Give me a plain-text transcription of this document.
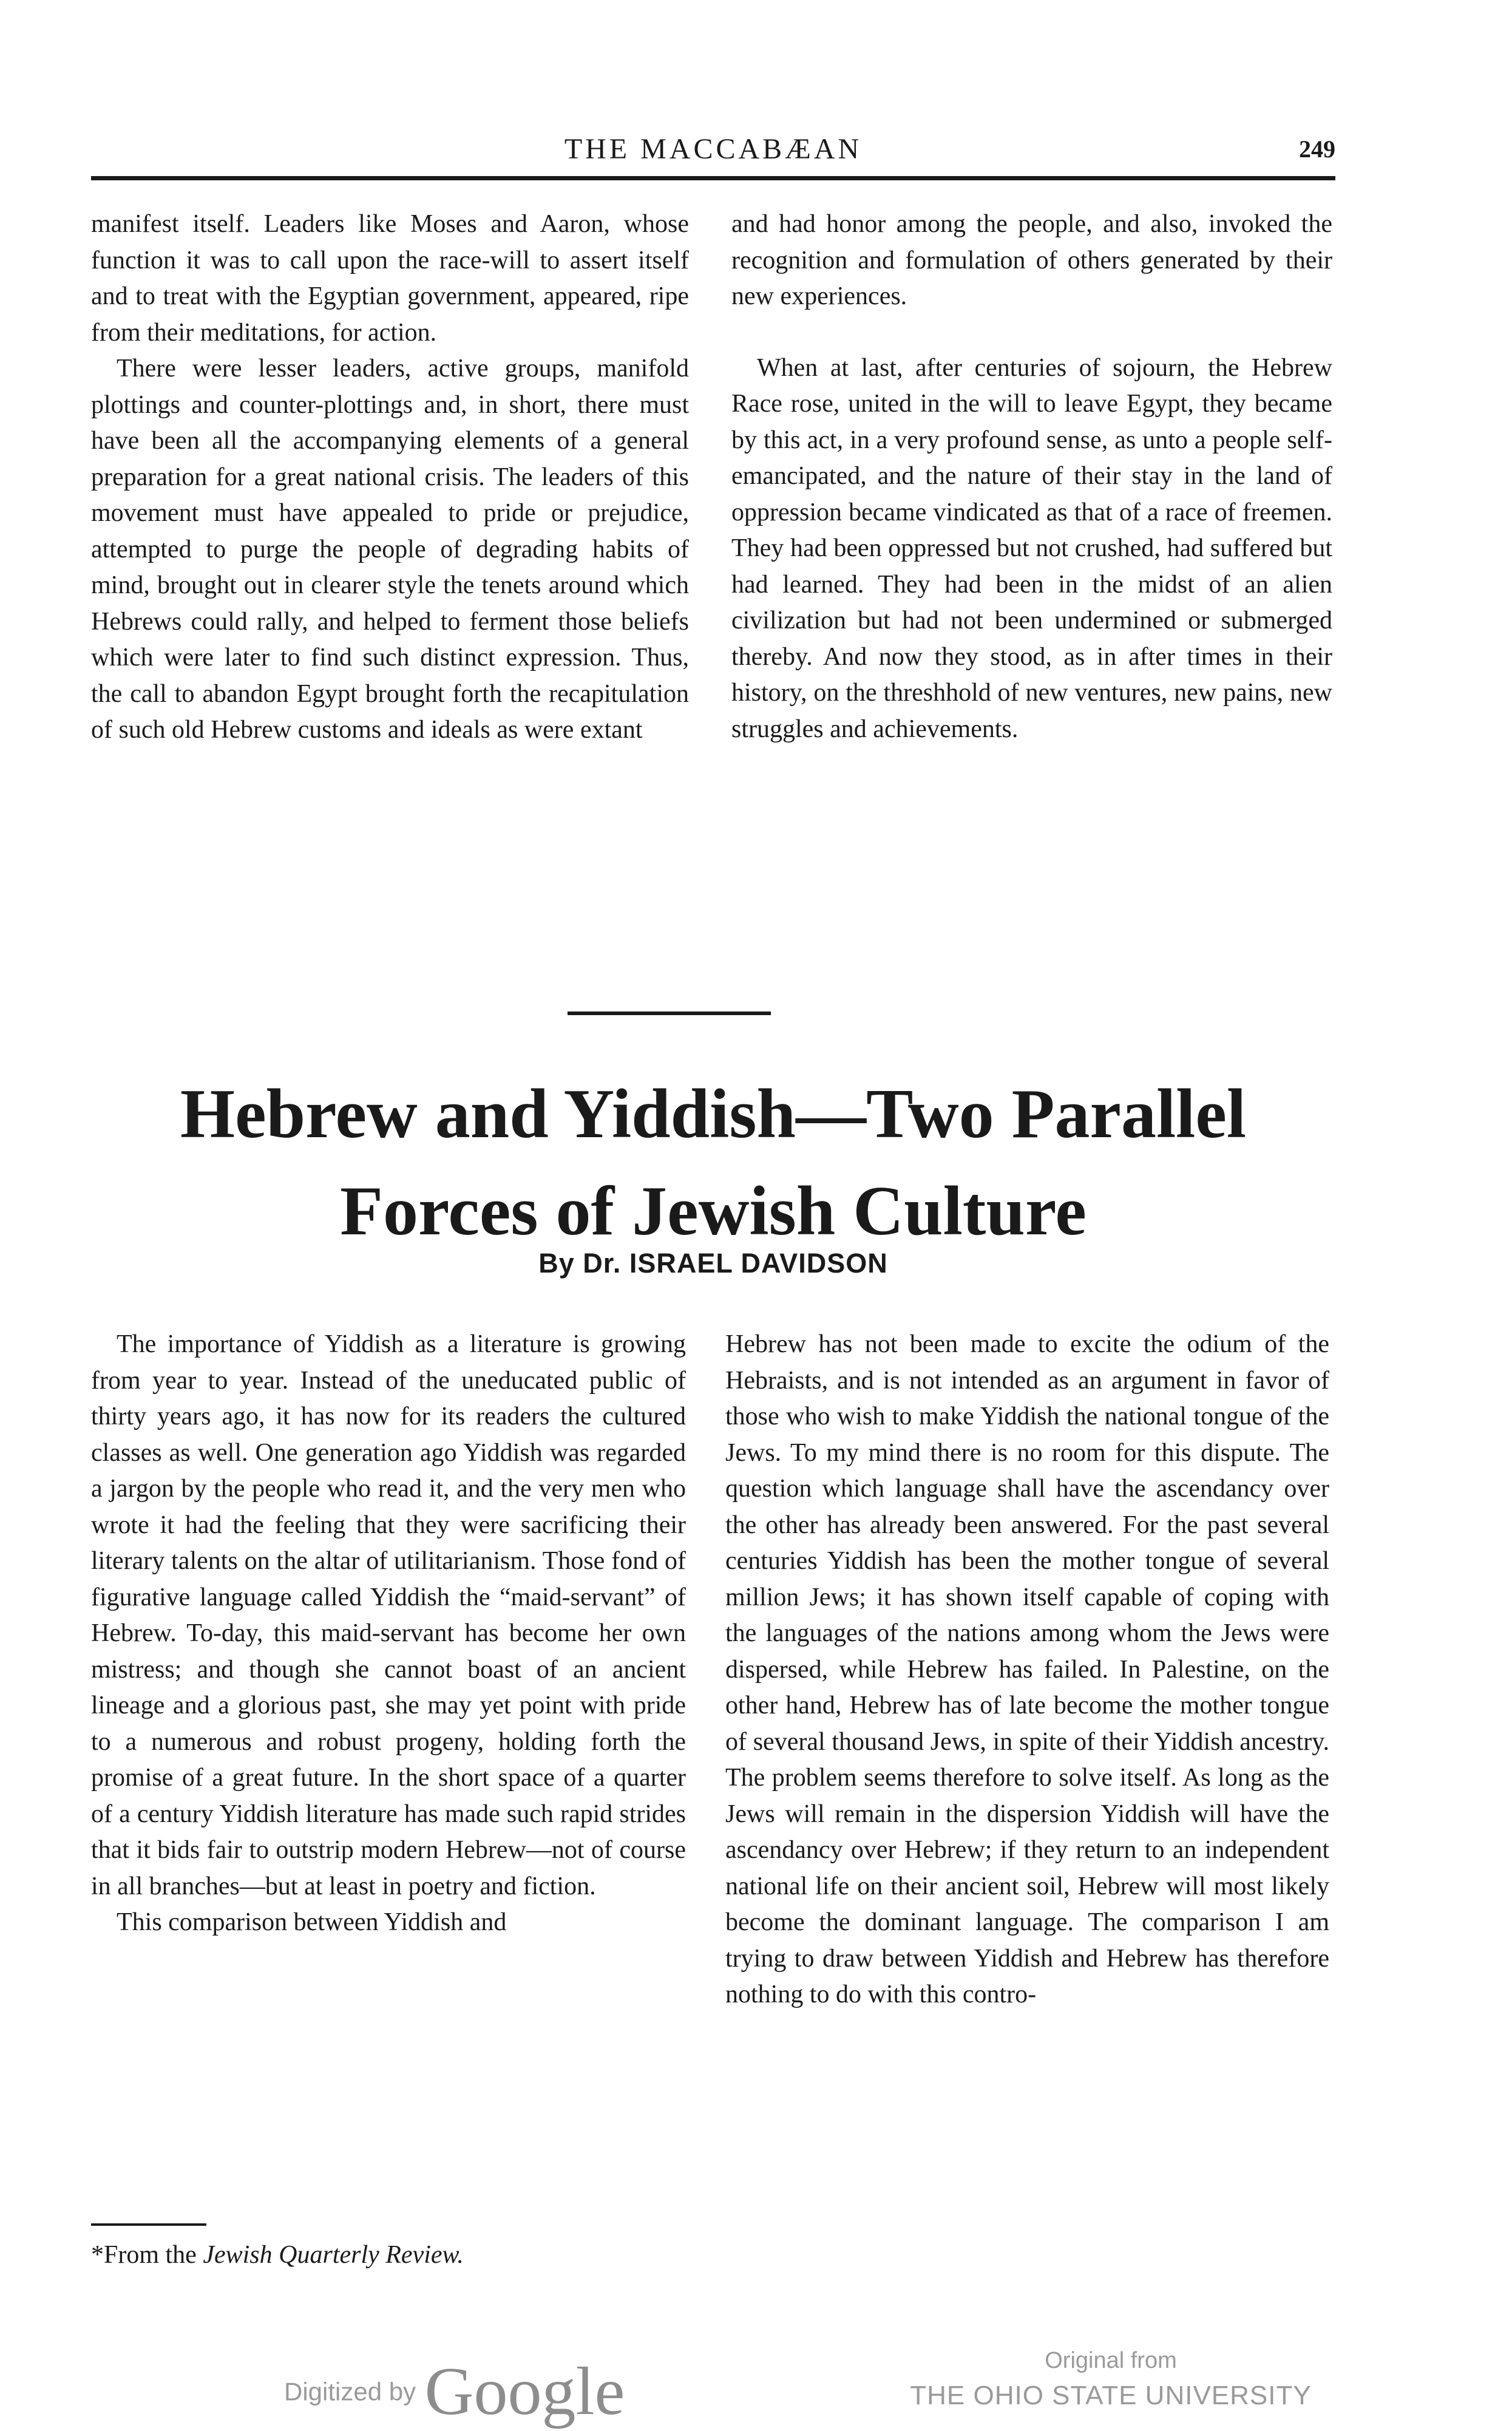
THE MACCABÆAN	249

manifest itself. Leaders like Moses and Aaron, whose function it was to call upon the race-will to assert itself and to treat with the Egyptian government, appeared, ripe from their meditations, for action.

There were lesser leaders, active groups, manifold plottings and counter-plottings and, in short, there must have been all the accompanying elements of a general preparation for a great national crisis. The leaders of this movement must have appealed to pride or prejudice, attempted to purge the people of degrading habits of mind, brought out in clearer style the tenets around which Hebrews could rally, and helped to ferment those beliefs which were later to find such distinct expression. Thus, the call to abandon Egypt brought forth the recapitulation of such old Hebrew customs and ideals as were extant

and had honor among the people, and also, invoked the recognition and formulation of others generated by their new experiences.

When at last, after centuries of sojourn, the Hebrew Race rose, united in the will to leave Egypt, they became by this act, in a very profound sense, as unto a people self-emancipated, and the nature of their stay in the land of oppression became vindicated as that of a race of freemen. They had been oppressed but not crushed, had suffered but had learned. They had been in the midst of an alien civilization but had not been undermined or submerged thereby. And now they stood, as in after times in their history, on the threshhold of new ventures, new pains, new struggles and achievements.

Hebrew and Yiddish—Two Parallel
Forces of Jewish Culture
By Dr. ISRAEL DAVIDSON

The importance of Yiddish as a literature is growing from year to year. Instead of the uneducated public of thirty years ago, it has now for its readers the cultured classes as well. One generation ago Yiddish was regarded a jargon by the people who read it, and the very men who wrote it had the feeling that they were sacrificing their literary talents on the altar of utilitarianism. Those fond of figurative language called Yiddish the “maid-servant” of Hebrew. To-day, this maid-servant has become her own mistress; and though she cannot boast of an ancient lineage and a glorious past, she may yet point with pride to a numerous and robust progeny, holding forth the promise of a great future. In the short space of a quarter of a century Yiddish literature has made such rapid strides that it bids fair to outstrip modern Hebrew—not of course in all branches—but at least in poetry and fiction.

This comparison between Yiddish and

Hebrew has not been made to excite the odium of the Hebraists, and is not intended as an argument in favor of those who wish to make Yiddish the national tongue of the Jews. To my mind there is no room for this dispute. The question which language shall have the ascendancy over the other has already been answered. For the past several centuries Yiddish has been the mother tongue of several million Jews; it has shown itself capable of coping with the languages of the nations among whom the Jews were dispersed, while Hebrew has failed. In Palestine, on the other hand, Hebrew has of late become the mother tongue of several thousand Jews, in spite of their Yiddish ancestry. The problem seems therefore to solve itself. As long as the Jews will remain in the dispersion Yiddish will have the ascendancy over Hebrew; if they return to an independent national life on their ancient soil, Hebrew will most likely become the dominant language. The comparison I am trying to draw between Yiddish and Hebrew has therefore nothing to do with this contro-

*From the Jewish Quarterly Review.
Digitized by Google	Original from
THE OHIO STATE UNIVERSITY
